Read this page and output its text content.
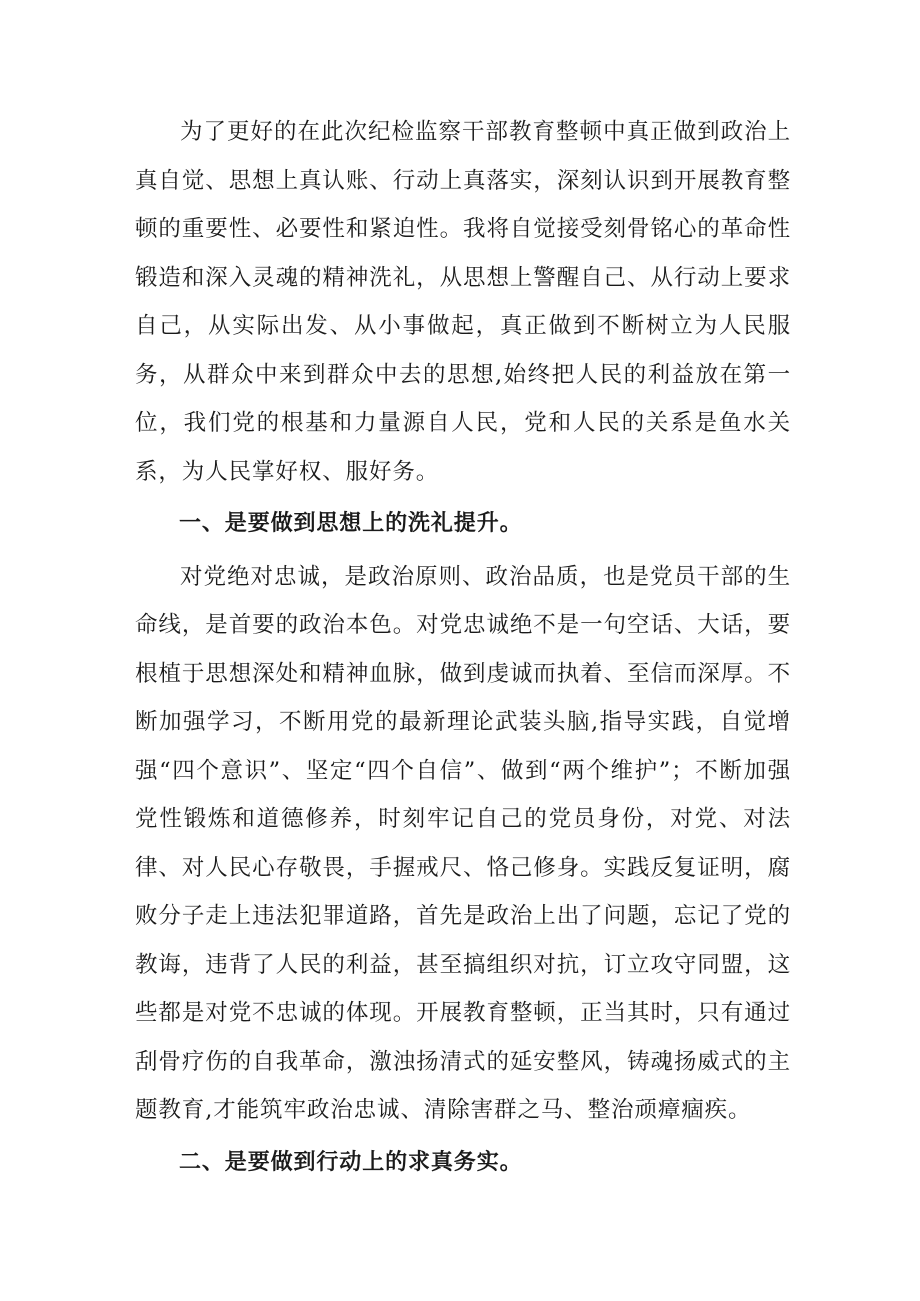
为了更好的在此次纪检监察干部教育整顿中真正做到政治上真自觉、思想上真认账、行动上真落实，深刻认识到开展教育整顿的重要性、必要性和紧迫性。我将自觉接受刻骨铭心的革命性锻造和深入灵魂的精神洗礼，从思想上警醒自己、从行动上要求自己，从实际出发、从小事做起，真正做到不断树立为人民服务，从群众中来到群众中去的思想,始终把人民的利益放在第一位，我们党的根基和力量源自人民，党和人民的关系是鱼水关系，为人民掌好权、服好务。

一、是要做到思想上的洗礼提升。

对党绝对忠诚，是政治原则、政治品质，也是党员干部的生命线，是首要的政治本色。对党忠诚绝不是一句空话、大话，要根植于思想深处和精神血脉，做到虔诚而执着、至信而深厚。不断加强学习，不断用党的最新理论武装头脑,指导实践，自觉增强“四个意识”、坚定“四个自信”、做到“两个维护”；不断加强党性锻炼和道德修养，时刻牢记自己的党员身份，对党、对法律、对人民心存敬畏，手握戒尺、恪己修身。实践反复证明，腐败分子走上违法犯罪道路，首先是政治上出了问题，忘记了党的教诲，违背了人民的利益，甚至搞组织对抗，订立攻守同盟，这些都是对党不忠诚的体现。开展教育整顿，正当其时，只有通过刮骨疗伤的自我革命，激浊扬清式的延安整风，铸魂扬威式的主题教育,才能筑牢政治忠诚、清除害群之马、整治顽瘴痼疾。

二、是要做到行动上的求真务实。
